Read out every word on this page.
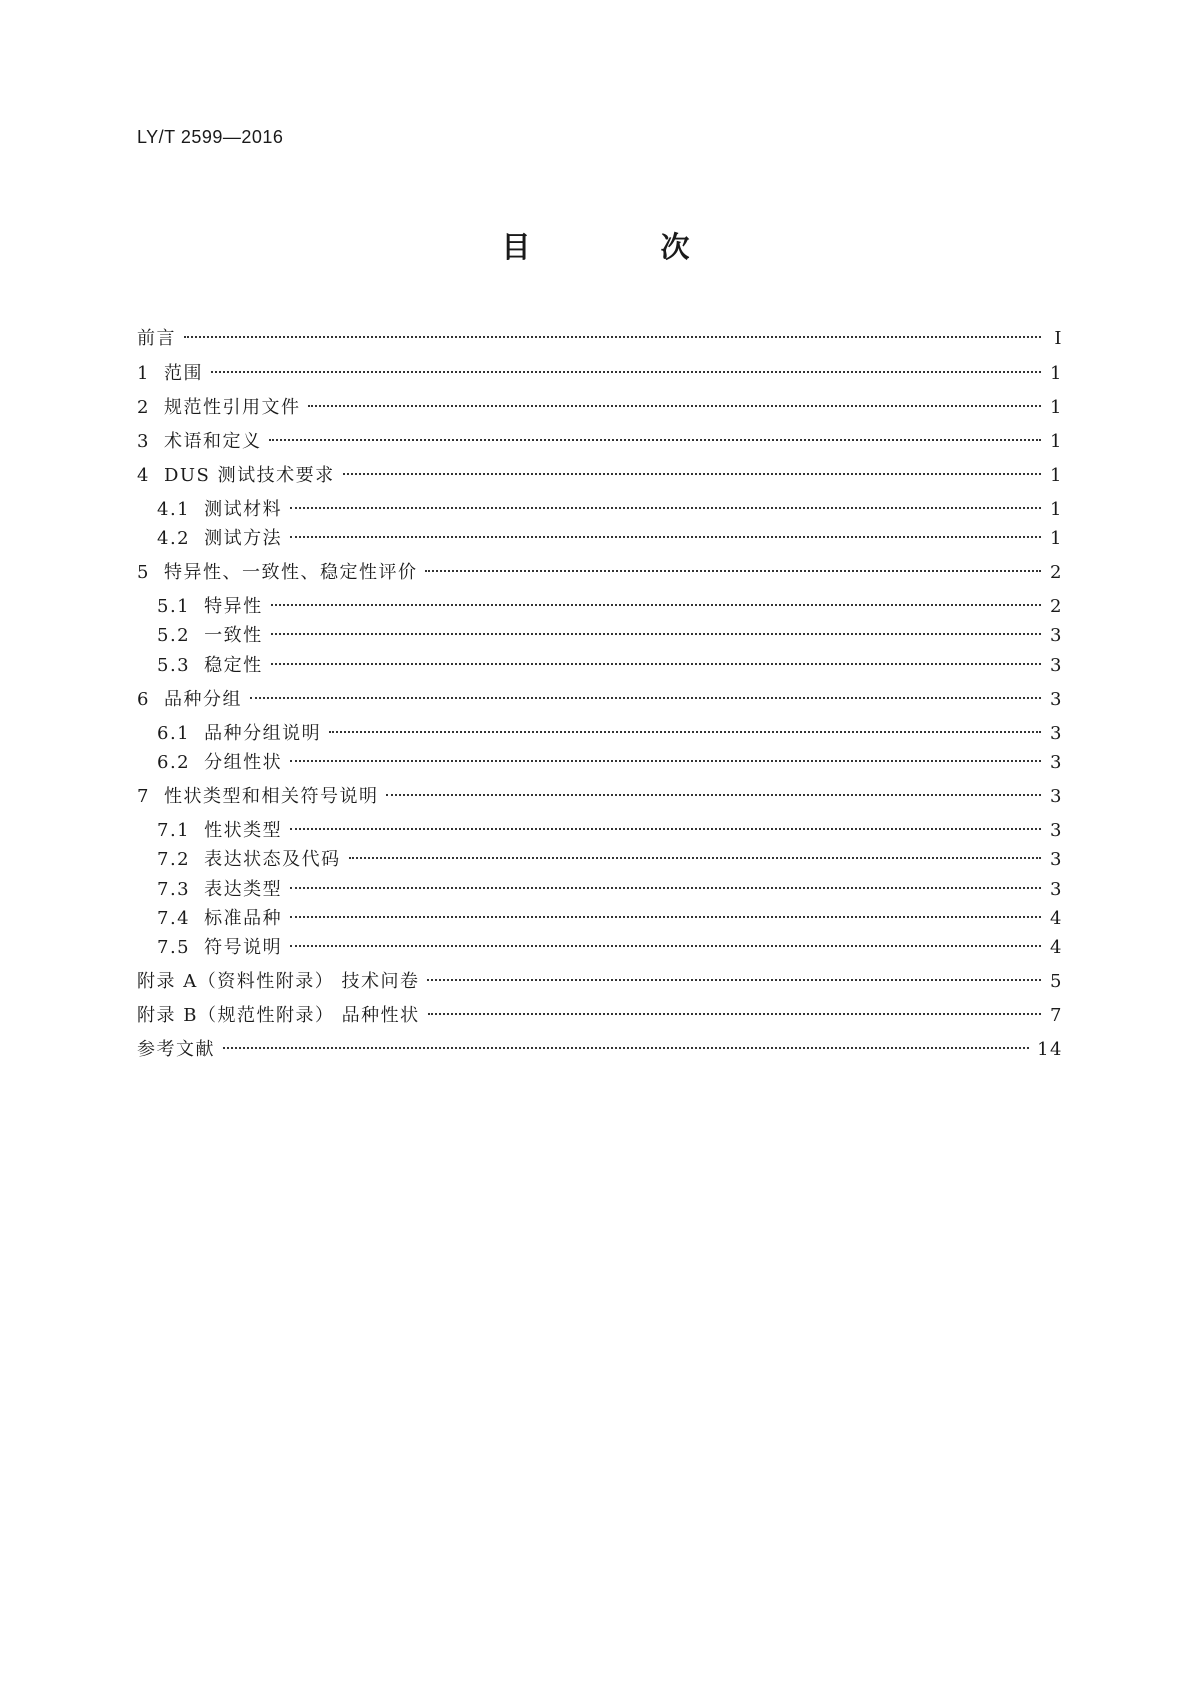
LY/T 2599—2016
目 次
前言	Ⅰ
1 范围	1
2 规范性引用文件	1
3 术语和定义	1
4 DUS 测试技术要求	1
4.1 测试材料	1
4.2 测试方法	1
5 特异性、一致性、稳定性评价	2
5.1 特异性	2
5.2 一致性	3
5.3 稳定性	3
6 品种分组	3
6.1 品种分组说明	3
6.2 分组性状	3
7 性状类型和相关符号说明	3
7.1 性状类型	3
7.2 表达状态及代码	3
7.3 表达类型	3
7.4 标准品种	4
7.5 符号说明	4
附录 A（资料性附录） 技术问卷	5
附录 B（规范性附录） 品种性状	7
参考文献	14
